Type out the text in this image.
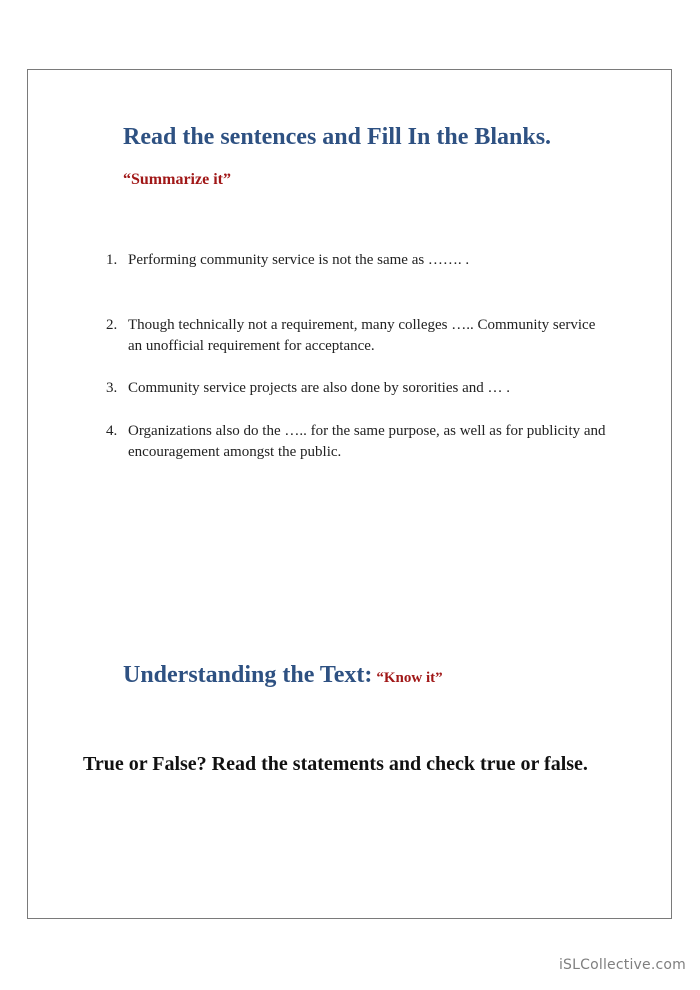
Read the sentences and Fill In the Blanks.

“Summarize it”

1. Performing community service is not the same as ……. .
2. Though technically not a requirement, many colleges ….. Community service an unofficial requirement for acceptance.
3. Community service projects are also done by sororities and … .
4. Organizations also do the ….. for the same purpose, as well as for publicity and encouragement amongst the public.
Understanding the Text: “Know it”

True or False? Read the statements and check true or false.

iSLCollective.com
